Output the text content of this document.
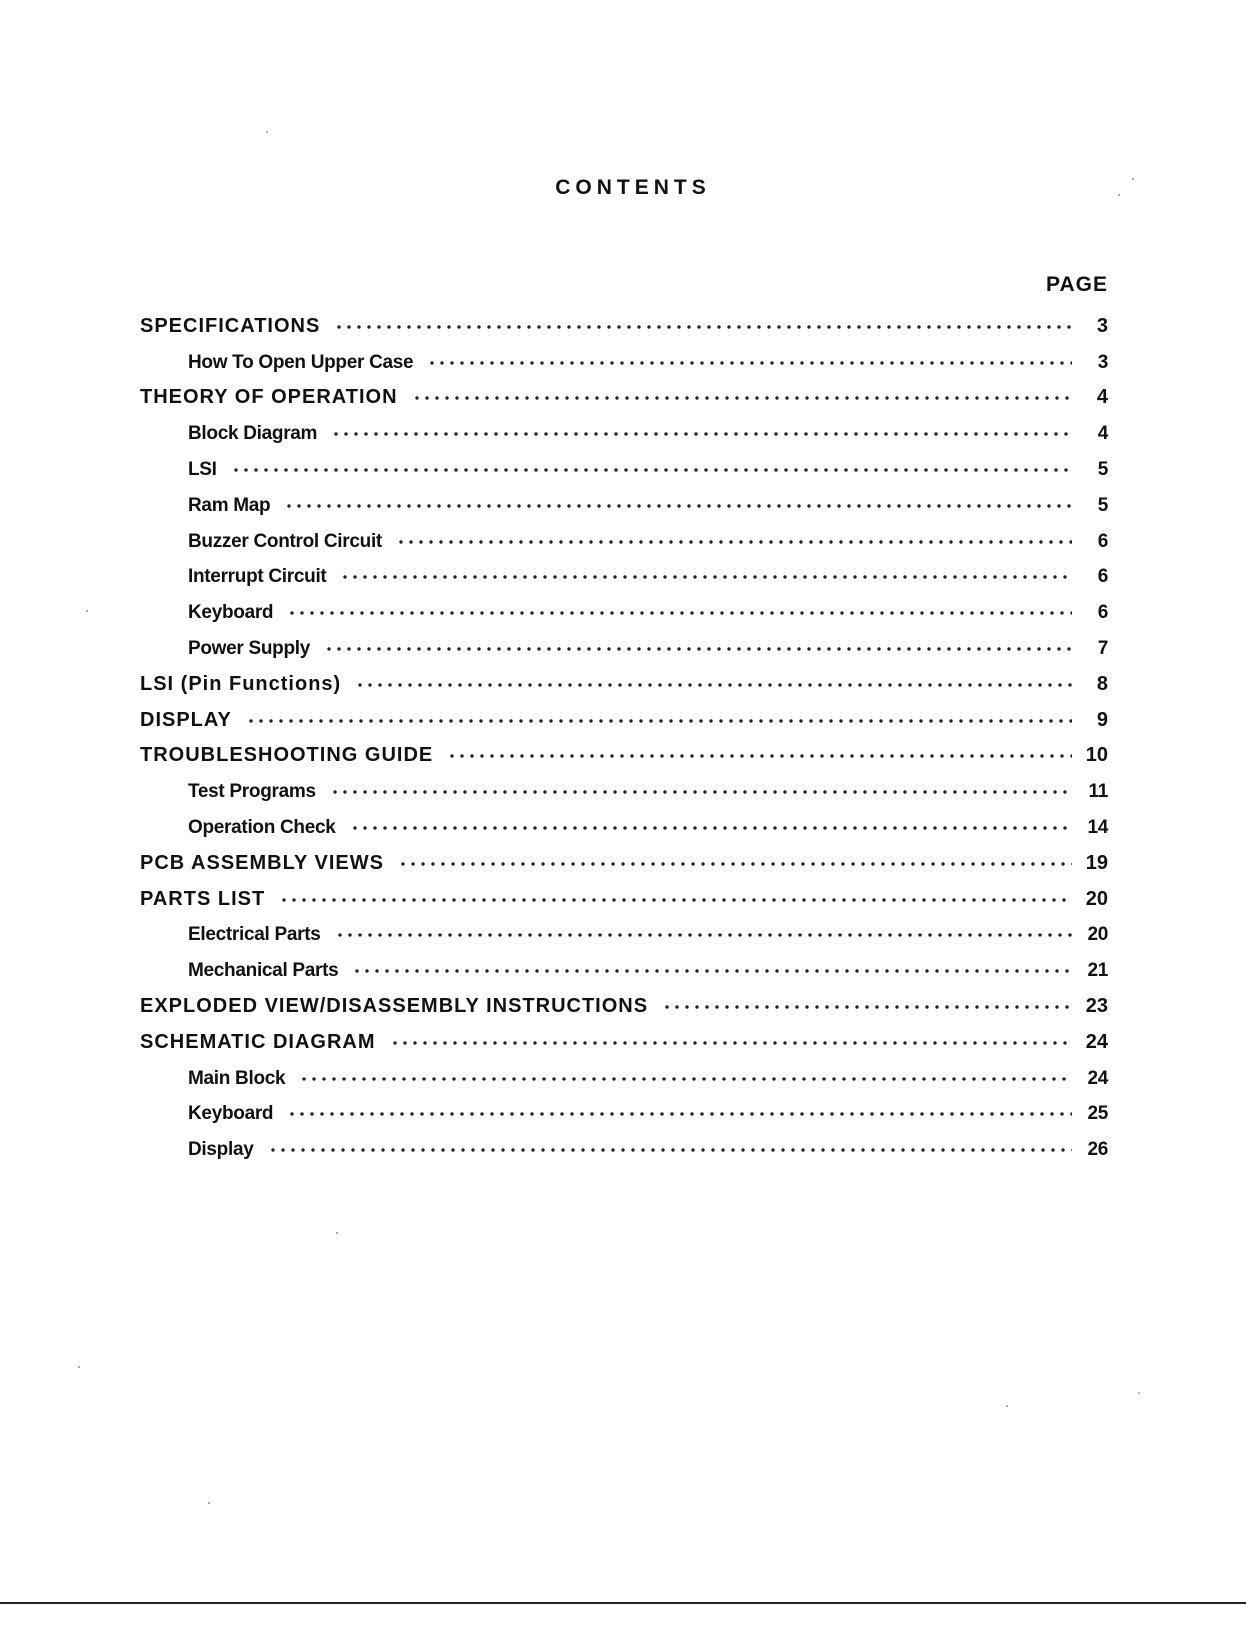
CONTENTS
PAGE
SPECIFICATIONS	3
How To Open Upper Case	3
THEORY OF OPERATION	4
Block Diagram	4
LSI	5
Ram Map	5
Buzzer Control Circuit	6
Interrupt Circuit	6
Keyboard	6
Power Supply	7
LSI (Pin Functions)	8
DISPLAY	9
TROUBLESHOOTING GUIDE	10
Test Programs	11
Operation Check	14
PCB ASSEMBLY VIEWS	19
PARTS LIST	20
Electrical Parts	20
Mechanical Parts	21
EXPLODED VIEW/DISASSEMBLY INSTRUCTIONS	23
SCHEMATIC DIAGRAM	24
Main Block	24
Keyboard	25
Display	26
